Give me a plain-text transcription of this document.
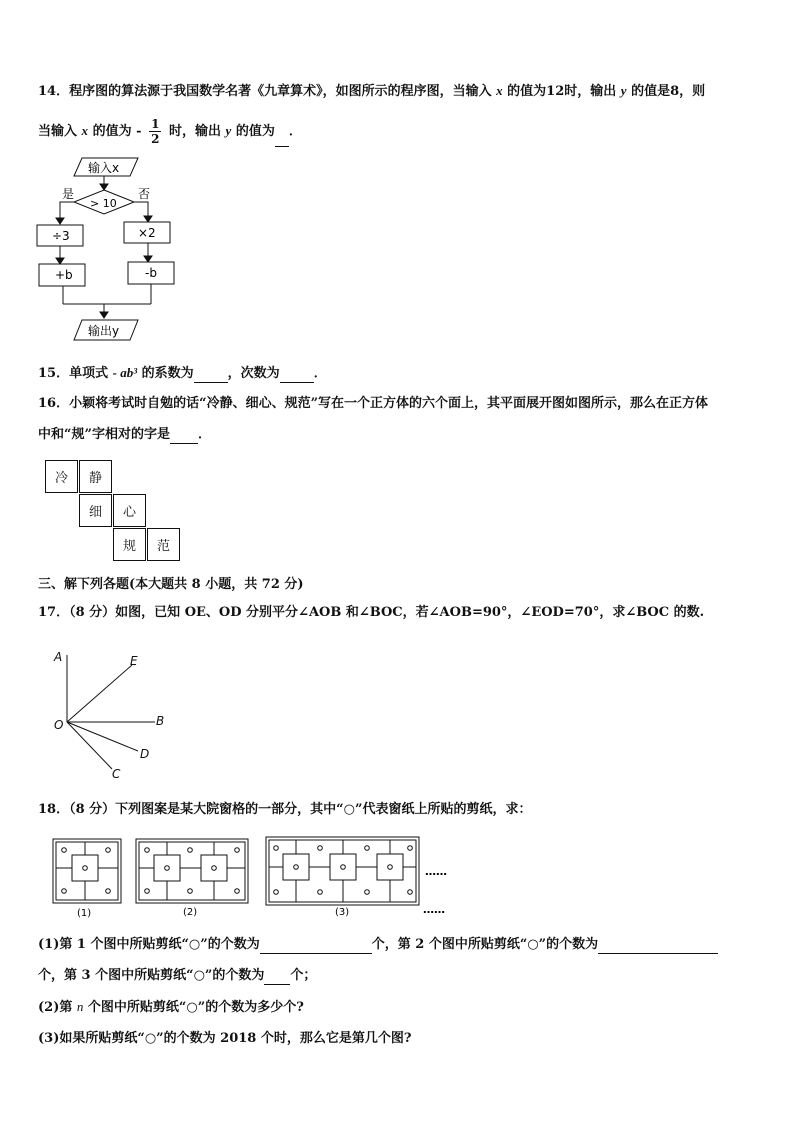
14．程序图的算法源于我国数学名著《九章算术》，如图所示的程序图，当输入 x 的值为12时，输出 y 的值是8，则
当输入 x 的值为 - $\frac{1}{2}$ 时，输出 y 的值为 ．
输入x
是	否
> 10
÷3	×2
+b	-b
输出y
15．单项式 - ab³ 的系数为	，次数为	．
16．小颖将考试时自勉的话“冷静、细心、规范”写在一个正方体的六个面上，其平面展开图如图所示，那么在正方体
中和“规”字相对的字是 ．
冷	静
细	心
规	范
三、解下列各题(本大题共 8 小题，共 72 分)
17．（8 分）如图，已知 OE、OD 分别平分∠AOB 和∠BOC，若∠AOB=90°，∠EOD=70°，求∠BOC 的数.
A	E
O	B
D
C
18．（8 分）下列图案是某大院窗格的一部分，其中“○”代表窗纸上所贴的剪纸，求：
(1)	(2)	(3)
……
……
(1)第 1 个图中所贴剪纸“○”的个数为	个，第 2 个图中所贴剪纸“○”的个数为
个，第 3 个图中所贴剪纸“○”的个数为 个；
(2)第 n 个图中所贴剪纸“○”的个数为多少个?
(3)如果所贴剪纸“○”的个数为 2018 个时，那么它是第几个图?
